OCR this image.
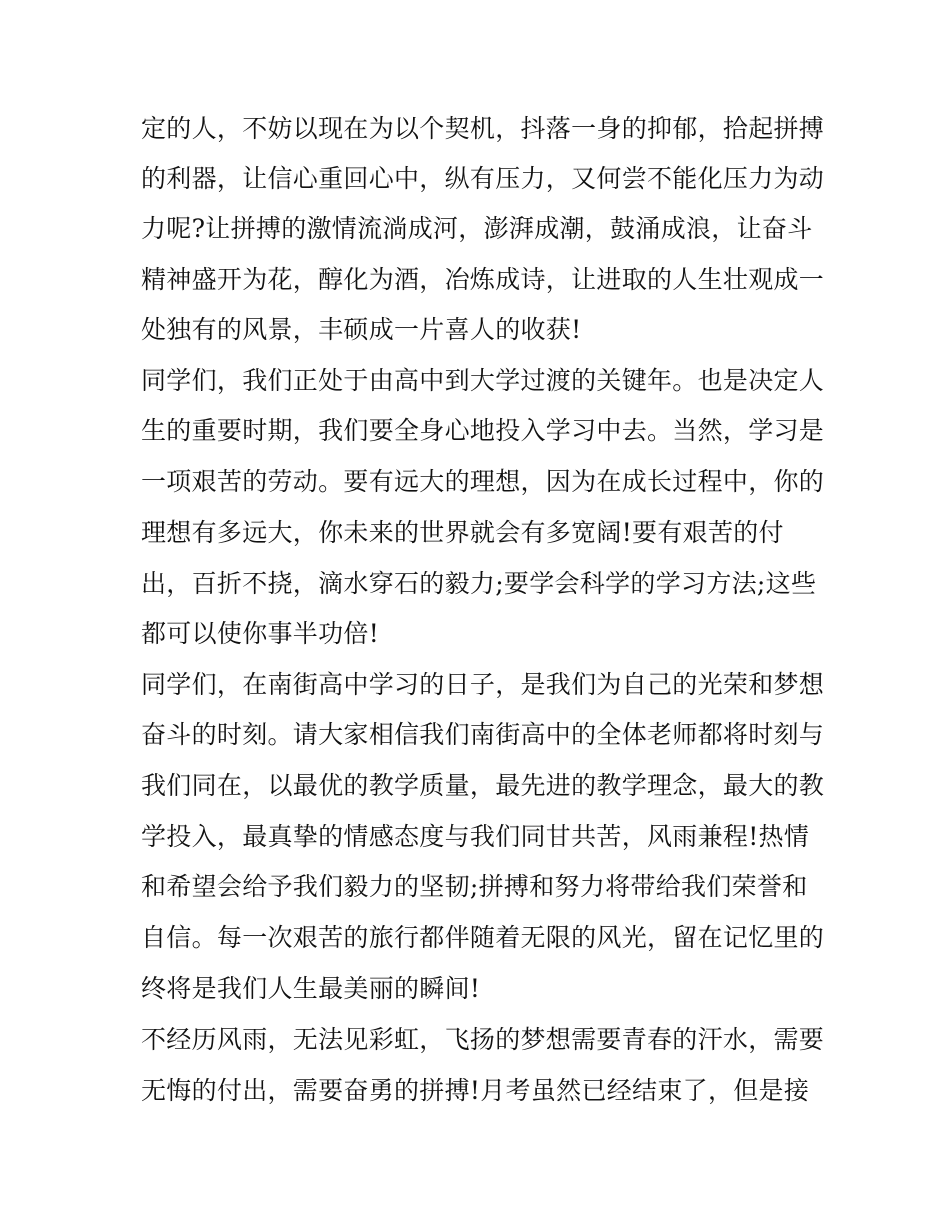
定的人，不妨以现在为以个契机，抖落一身的抑郁，拾起拼搏
的利器，让信心重回心中，纵有压力，又何尝不能化压力为动
力呢?让拼搏的激情流淌成河，澎湃成潮，鼓涌成浪，让奋斗
精神盛开为花，醇化为酒，冶炼成诗，让进取的人生壮观成一
处独有的风景，丰硕成一片喜人的收获!
同学们，我们正处于由高中到大学过渡的关键年。也是决定人
生的重要时期，我们要全身心地投入学习中去。当然，学习是
一项艰苦的劳动。要有远大的理想，因为在成长过程中，你的
理想有多远大，你未来的世界就会有多宽阔!要有艰苦的付
出，百折不挠，滴水穿石的毅力;要学会科学的学习方法;这些
都可以使你事半功倍!
同学们，在南街高中学习的日子，是我们为自己的光荣和梦想
奋斗的时刻。请大家相信我们南街高中的全体老师都将时刻与
我们同在，以最优的教学质量，最先进的教学理念，最大的教
学投入，最真挚的情感态度与我们同甘共苦，风雨兼程!热情
和希望会给予我们毅力的坚韧;拼搏和努力将带给我们荣誉和
自信。每一次艰苦的旅行都伴随着无限的风光，留在记忆里的
终将是我们人生最美丽的瞬间!
不经历风雨，无法见彩虹，飞扬的梦想需要青春的汗水，需要
无悔的付出，需要奋勇的拼搏!月考虽然已经结束了，但是接
